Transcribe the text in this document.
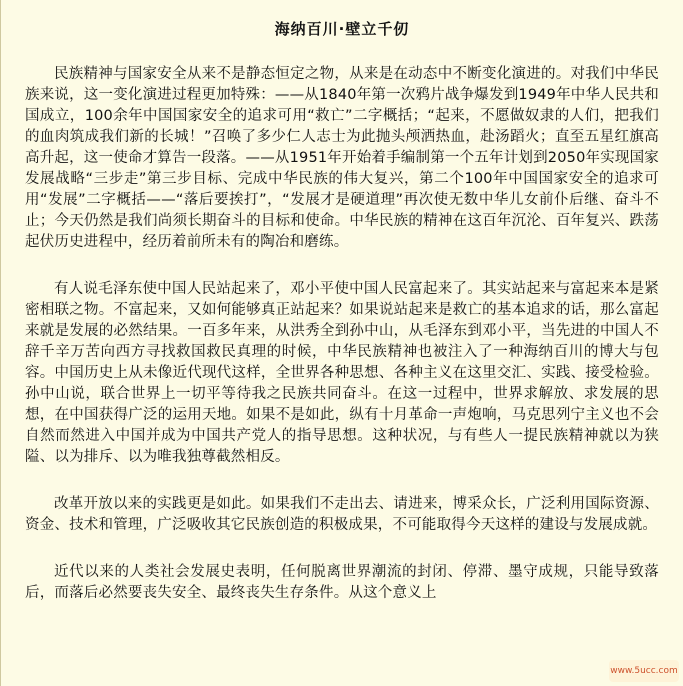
海纳百川·壁立千仞

民族精神与国家安全从来不是静态恒定之物，从来是在动态中不断变化演进的。对我们中华民族来说，这一变化演进过程更加特殊：——从1840年第一次鸦片战争爆发到1949年中华人民共和国成立，100余年中国国家安全的追求可用“救亡”二字概括；“起来，不愿做奴隶的人们，把我们的血肉筑成我们新的长城！”召唤了多少仁人志士为此抛头颅洒热血，赴汤蹈火；直至五星红旗高高升起，这一使命才算告一段落。——从1951年开始着手编制第一个五年计划到2050年实现国家发展战略“三步走”第三步目标、完成中华民族的伟大复兴，第二个100年中国国家安全的追求可用“发展”二字概括——“落后要挨打”，“发展才是硬道理”再次使无数中华儿女前仆后继、奋斗不止；今天仍然是我们尚须长期奋斗的目标和使命。中华民族的精神在这百年沉沦、百年复兴、跌荡起伏历史进程中，经历着前所未有的陶冶和磨练。

有人说毛泽东使中国人民站起来了，邓小平使中国人民富起来了。其实站起来与富起来本是紧密相联之物。不富起来，又如何能够真正站起来？如果说站起来是救亡的基本追求的话，那么富起来就是发展的必然结果。一百多年来，从洪秀全到孙中山，从毛泽东到邓小平，当先进的中国人不辞千辛万苦向西方寻找救国救民真理的时候，中华民族精神也被注入了一种海纳百川的博大与包容。中国历史上从未像近代现代这样，全世界各种思想、各种主义在这里交汇、实践、接受检验。孙中山说，联合世界上一切平等待我之民族共同奋斗。在这一过程中，世界求解放、求发展的思想，在中国获得广泛的运用天地。如果不是如此，纵有十月革命一声炮响，马克思列宁主义也不会自然而然进入中国并成为中国共产党人的指导思想。这种状况，与有些人一提民族精神就以为狭隘、以为排斥、以为唯我独尊截然相反。

改革开放以来的实践更是如此。如果我们不走出去、请进来，博采众长，广泛利用国际资源、资金、技术和管理，广泛吸收其它民族创造的积极成果，不可能取得今天这样的建设与发展成就。

近代以来的人类社会发展史表明，任何脱离世界潮流的封闭、停滞、墨守成规，只能导致落后，而落后必然要丧失安全、最终丧失生存条件。从这个意义上

www.5ucc.com
